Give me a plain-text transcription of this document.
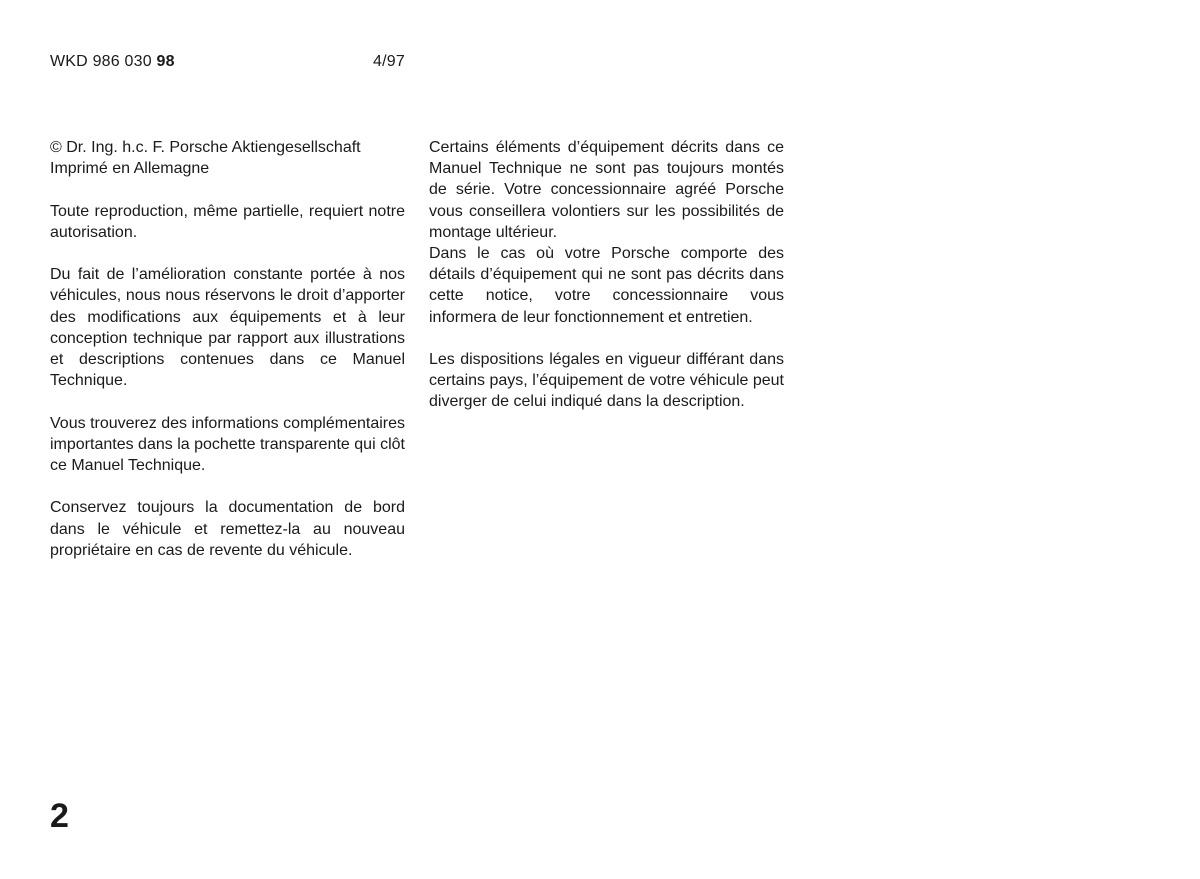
WKD 986 030 98	4/97

© Dr. Ing. h.c. F. Porsche Aktiengesellschaft
Imprimé en Allemagne

Toute reproduction, même partielle, requiert notre autorisation.

Du fait de l’amélioration constante portée à nos véhicules, nous nous réservons le droit d’apporter des modifications aux équipements et à leur conception technique par rapport aux illustrations et descriptions contenues dans ce Manuel Technique.

Vous trouverez des informations complémentaires importantes dans la pochette transparente qui clôt ce Manuel Technique.

Conservez toujours la documentation de bord dans le véhicule et remettez-la au nouveau propriétaire en cas de revente du véhicule.

Certains éléments d’équipement décrits dans ce Manuel Technique ne sont pas toujours montés de série. Votre concessionnaire agréé Porsche vous conseillera volontiers sur les possibilités de montage ultérieur.

Dans le cas où votre Porsche comporte des détails d’équipement qui ne sont pas décrits dans cette notice, votre concessionnaire vous informera de leur fonctionnement et entretien.

Les dispositions légales en vigueur différant dans certains pays, l’équipement de votre véhicule peut diverger de celui indiqué dans la description.

2
